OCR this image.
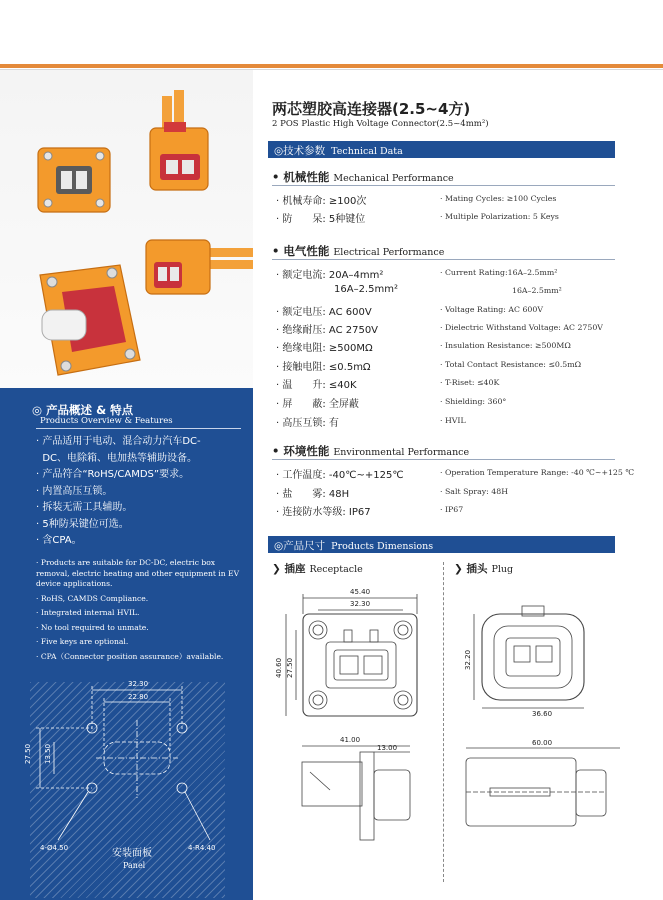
◎ 产品概述 & 特点
Products Overview & Features
· 产品适用于电动、混合动力汽车DC-
DC、电除箱、电加热等辅助设备。
· 产品符合“RoHS/CAMDS”要求。
· 内置高压互锁。
· 拆装无需工具辅助。
· 5种防呆键位可选。
· 含CPA。
· Products are suitable for DC-DC, electric box removal, electric heating and other equipment in EV device applications.
· RoHS, CAMDS Compliance.
· Integrated internal HVIL.
· No tool required to unmate.
· Five keys are optional.
· CPA（Connector position assurance）available.
32.30
22.80
27.50 13.50
4-Ø4.50	4-R4.40
安装面板
Panel
两芯塑胶高连接器(2.5~4方)
2 POS Plastic High Voltage Connector(2.5~4mm²)
◎技术参数 Technical Data
• 机械性能 Mechanical Performance
· 机械寿命: ≥100次	· Mating Cycles: ≥100 Cycles
· 防　　呆: 5种键位	· Multiple Polarization: 5 Keys
• 电气性能 Electrical Performance
· 额定电流: 20A–4mm²	· Current Rating:16A–2.5mm²
16A–2.5mm²	16A–2.5mm²
· 额定电压: AC 600V	· Voltage Rating: AC 600V
· 绝缘耐压: AC 2750V	· Dielectric Withstand Voltage: AC 2750V
· 绝缘电阻: ≥500MΩ	· Insulation Resistance: ≥500MΩ
· 接触电阻: ≤0.5mΩ	· Total Contact Resistance: ≤0.5mΩ
· 温　　升: ≤40K	· T-Riset: ≤40K
· 屏　　蔽: 全屏蔽	· Shielding: 360°
· 高压互锁: 有	· HVIL
• 环境性能 Environmental Performance
· 工作温度: -40℃~+125℃	· Operation Temperature Range: -40 ℃~+125 ℃
· 盐　　雾: 48H	· Salt Spray: 48H
· 连接防水等级: IP67	· IP67
◎产品尺寸 Products Dimensions
❯ 插座 Receptacle	❯ 插头 Plug
45.40
32.30
40.60 27.50
41.00
13.00
32.20
36.60
60.00
